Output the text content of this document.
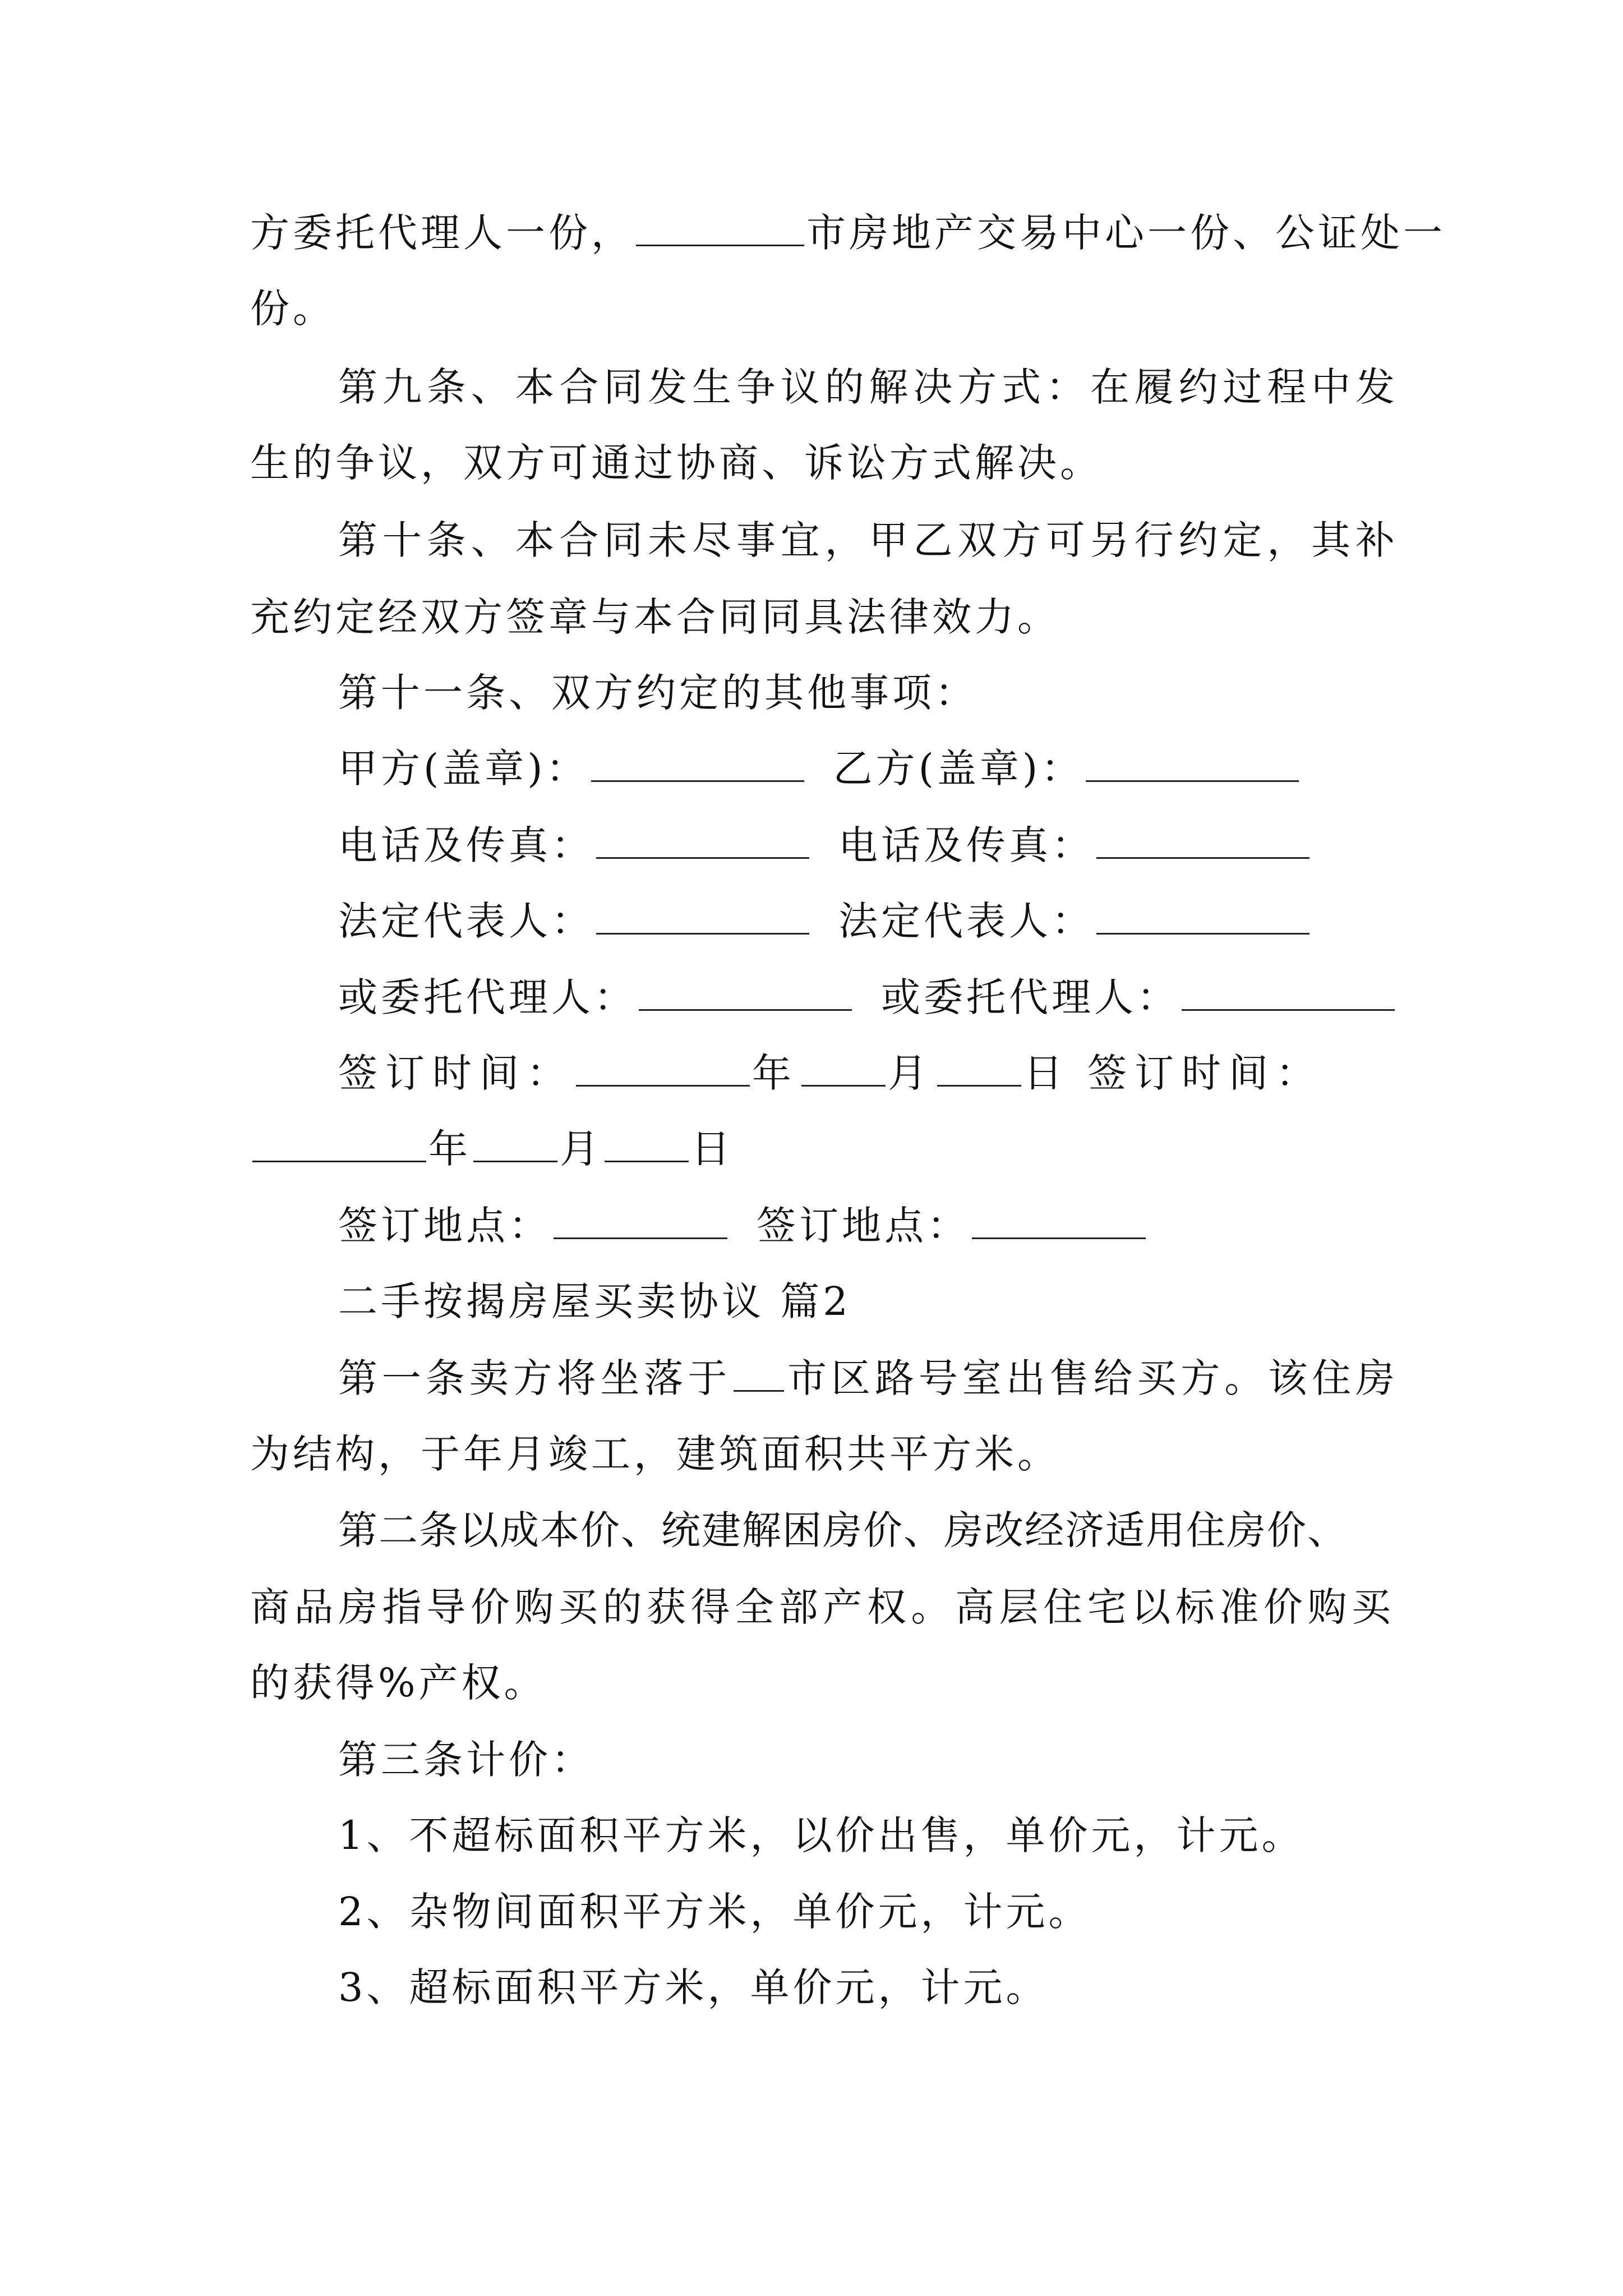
方委托代理人一份，	市房地产交易中心一份、公证处一
份。
第九条、本合同发生争议的解决方式：在履约过程中发
生的争议，双方可通过协商、诉讼方式解决。
第十条、本合同未尽事宜，甲乙双方可另行约定，其补
充约定经双方签章与本合同同具法律效力。
第十一条、双方约定的其他事项：
甲方(盖章)：	乙方(盖章)：
电话及传真：	电话及传真：
法定代表人：	法定代表人：
或委托代理人：	或委托代理人：
签订时间：	年 月 日 签订时间：
年 月 日
签订地点：	签订地点：
二手按揭房屋买卖协议 篇2
第一条卖方将坐落于 市区路号室出售给买方。该住房
为结构，于年月竣工，建筑面积共平方米。
第二条以成本价、统建解困房价、房改经济适用住房价、
商品房指导价购买的获得全部产权。高层住宅以标准价购买
的获得%产权。
第三条计价：
1、不超标面积平方米，以价出售，单价元，计元。
2、杂物间面积平方米，单价元，计元。
3、超标面积平方米，单价元，计元。
